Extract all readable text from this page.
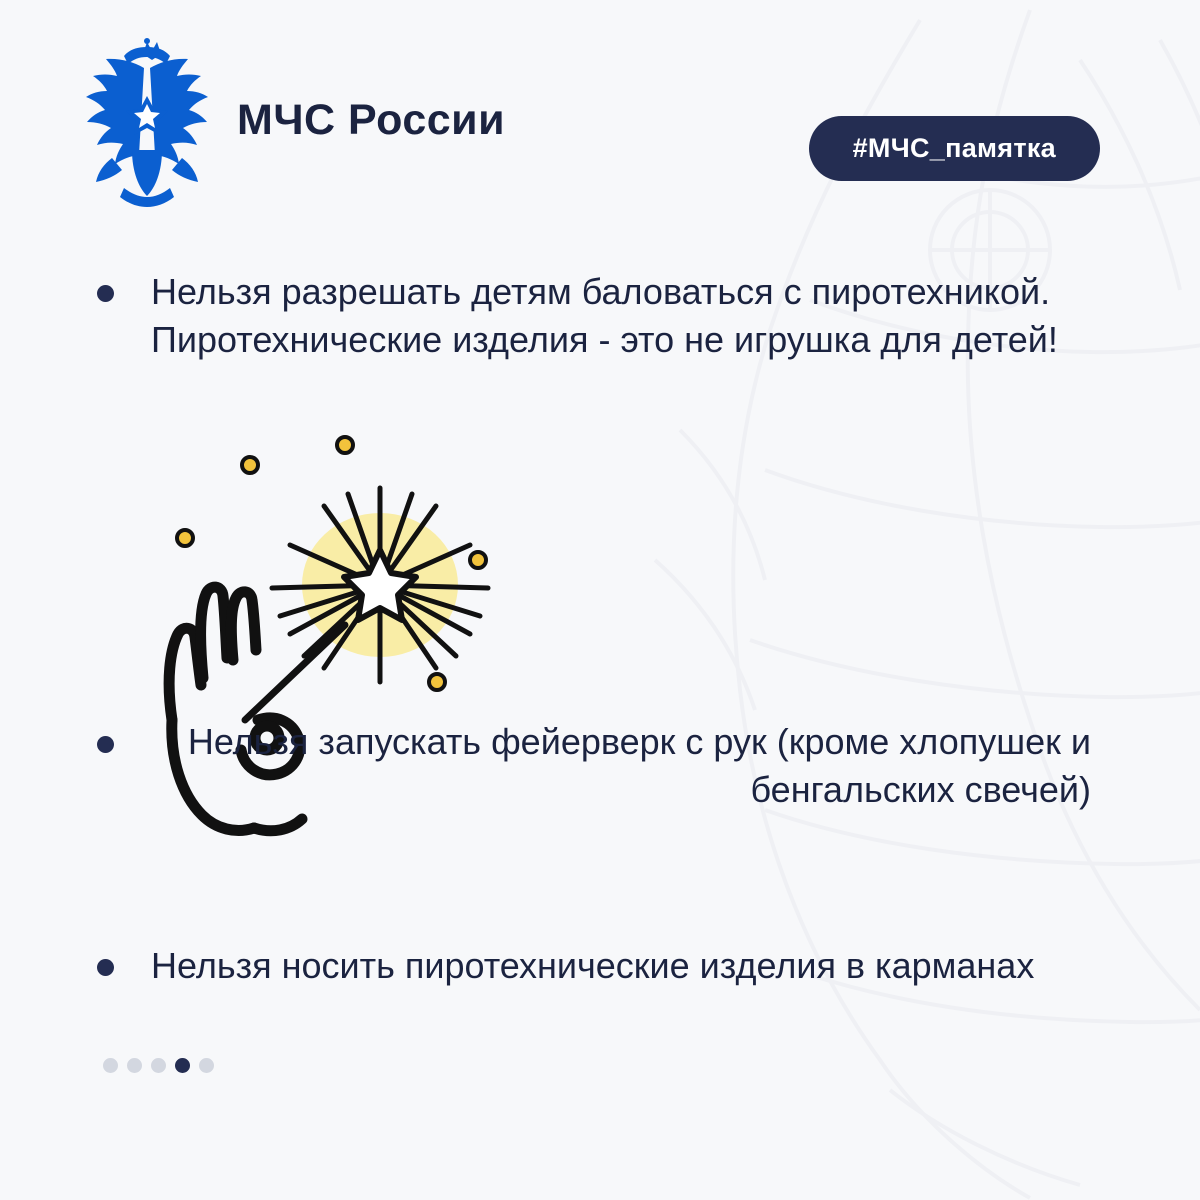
МЧС России
#МЧС_памятка
Нельзя разрешать детям баловаться с пиротехникой. Пиротехнические изделия - это не игрушка для детей!
Нельзя запускать фейерверк с рук (кроме хлопушек и бенгальских свечей)
Нельзя носить пиротехнические изделия в карманах
